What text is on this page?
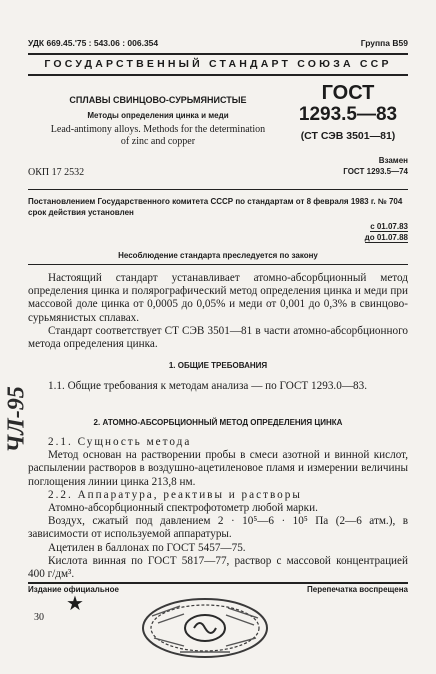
УДК 669.45.'75 : 543.06 : 006.354	Группа В59
ГОСУДАРСТВЕННЫЙ СТАНДАРТ СОЮЗА ССР
СПЛАВЫ СВИНЦОВО-СУРЬМЯНИСТЫЕ
Методы определения цинка и меди
Lead-antimony alloys. Methods for the determination
of zinc and copper
ГОСТ
1293.5—83
(СТ СЭВ 3501—81)
ОКП 17 2532
Взамен
ГОСТ 1293.5—74
Постановлением Государственного комитета СССР по стандартам от 8 февраля 1983 г. № 704 срок действия установлен
с 01.07.83
до 01.07.88
Несоблюдение стандарта преследуется по закону

Настоящий стандарт устанавливает атомно-абсорбционный метод определения цинка и полярографический метод определения цинка и меди при массовой доле цинка от 0,0005 до 0,05% и меди от 0,001 до 0,3% в свинцово-сурьмянистых сплавах.

Стандарт соответствует СТ СЭВ 3501—81 в части атомно-абсорбционного метода определения цинка.

1. ОБЩИЕ ТРЕБОВАНИЯ

1.1. Общие требования к методам анализа — по ГОСТ 1293.0—83.

2. АТОМНО-АБСОРБЦИОННЫЙ МЕТОД ОПРЕДЕЛЕНИЯ ЦИНКА

2.1. Сущность метода

Метод основан на растворении пробы в смеси азотной и винной кислот, распылении растворов в воздушно-ацетиленовое пламя и измерении величины поглощения линии цинка 213,8 нм.

2.2. Аппаратура, реактивы и растворы

Атомно-абсорбционный спектрофотометр любой марки.

Воздух, сжатый под давлением 2 · 10⁵—6 · 10⁵ Па (2—6 атм.), в зависимости от используемой аппаратуры.

Ацетилен в баллонах по ГОСТ 5457—75.

Кислота винная по ГОСТ 5817—77, раствор с массовой концентрацией 400 г/дм³.

Издание официальное	Перепечатка воспрещена
★
30
ЧЛ-95
